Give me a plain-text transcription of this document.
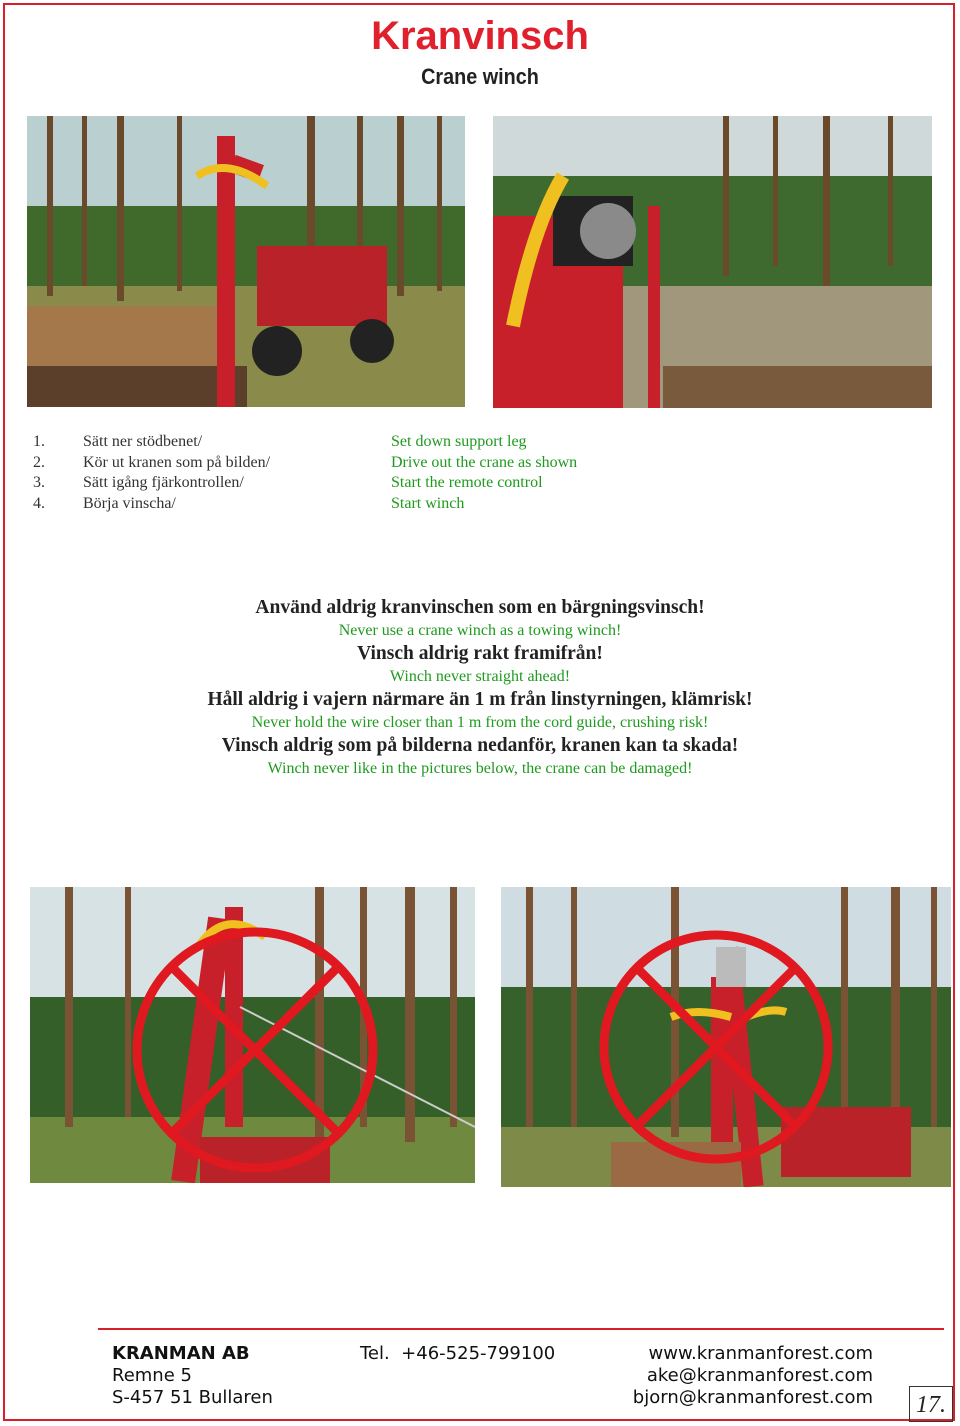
Kranvinsch
Crane winch
1. Sätt ner stödbenet/	Set down support leg
2. Kör ut kranen som på bilden/	Drive out the crane as shown
3. Sätt igång fjärkontrollen/	Start the remote control
4. Börja vinscha/	Start winch
Använd aldrig kranvinschen som en bärgningsvinsch!
Never use a crane winch as a towing winch!
Vinsch aldrig rakt framifrån!
Winch never straight ahead!
Håll aldrig i vajern närmare än 1 m från linstyrningen, klämrisk!
Never hold the wire closer than 1 m from the cord guide, crushing risk!
Vinsch aldrig som på bilderna nedanför, kranen kan ta skada!
Winch never like in the pictures below, the crane can be damaged!
KRANMAN AB
Remne 5
S-457 51 Bullaren
Tel.  +46-525-799100	www.kranmanforest.com
ake@kranmanforest.com
bjorn@kranmanforest.com 17.
